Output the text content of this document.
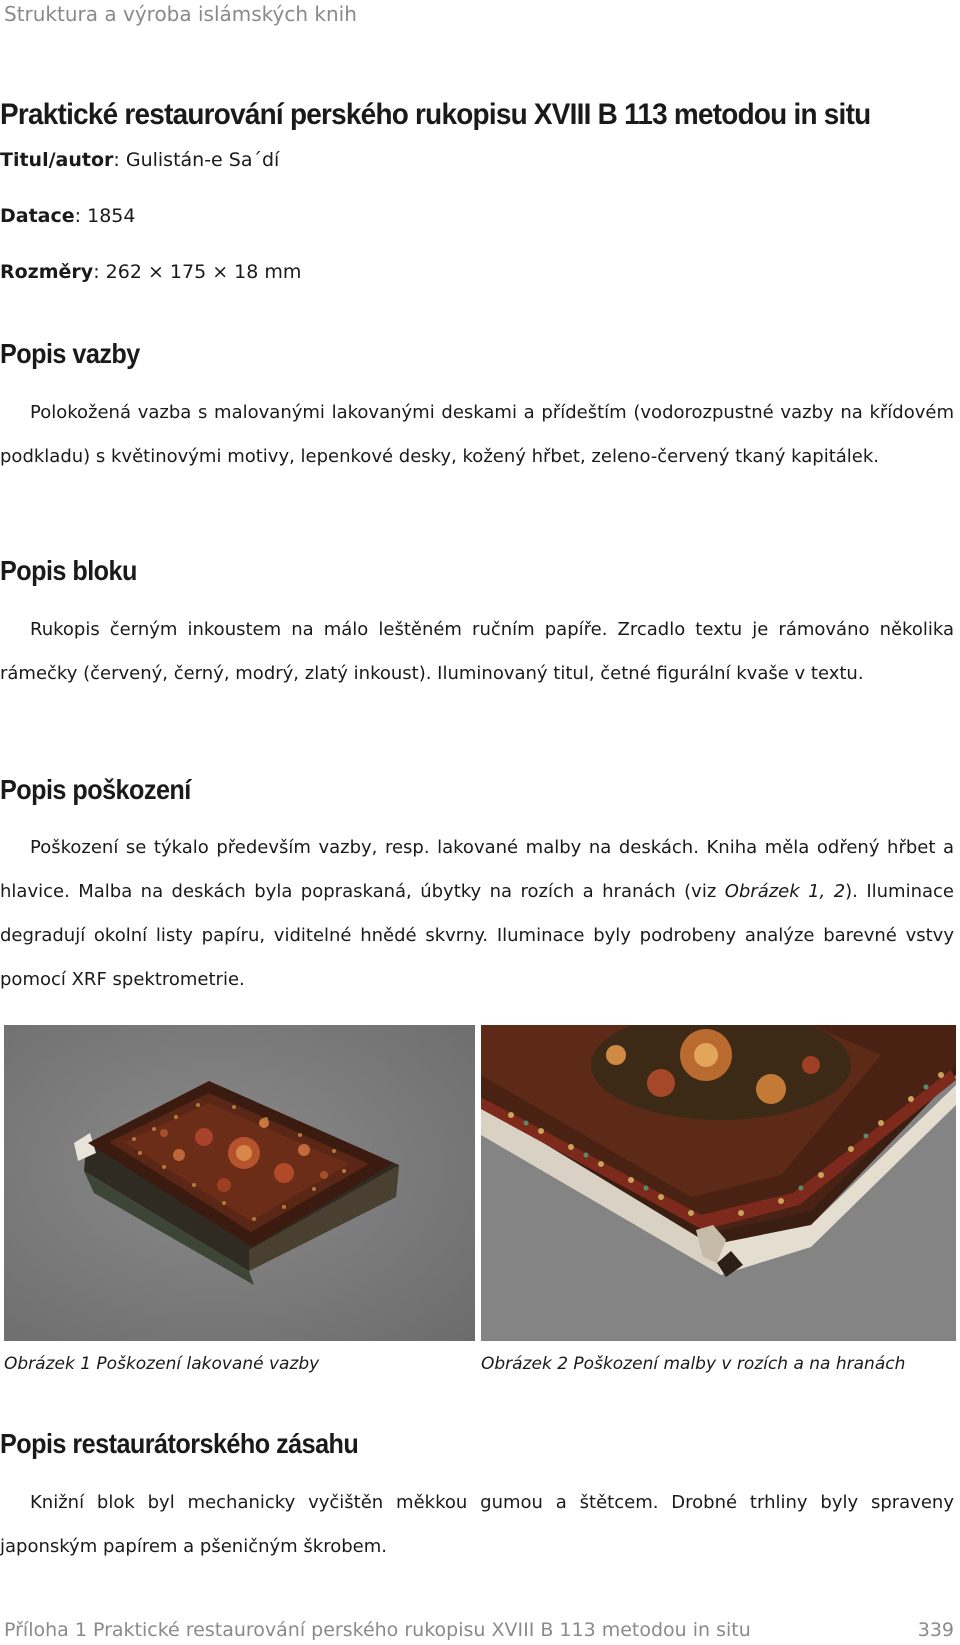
Struktura a výroba islámských knih
Praktické restaurování perského rukopisu XVIII B 113 metodou in situ
Titul/autor: Gulistán-e Sa´dí
Datace: 1854
Rozměry: 262 × 175 × 18 mm
Popis vazby

Polokožená vazba s malovanými lakovanými deskami a přídeštím (vodorozpustné vazby na křídovém podkladu) s květinovými motivy, lepenkové desky, kožený hřbet, zeleno-červený tkaný kapitálek.

Popis bloku

Rukopis černým inkoustem na málo leštěném ručním papíře. Zrcadlo textu je rámováno několika rámečky (červený, černý, modrý, zlatý inkoust). Iluminovaný titul, četné figurální kvaše v textu.

Popis poškození

Poškození se týkalo především vazby, resp. lakované malby na deskách. Kniha měla odřený hřbet a hlavice. Malba na deskách byla popraskaná, úbytky na rozích a hranách (viz Obrázek 1, 2). Iluminace degradují okolní listy papíru, viditelné hnědé skvrny. Iluminace byly podrobeny analýze barevné vstvy pomocí XRF spektrometrie.

Obrázek 1 Poškození lakované vazby	Obrázek 2 Poškození malby v rozích a na hranách
Popis restaurátorského zásahu

Knižní blok byl mechanicky vyčištěn měkkou gumou a štětcem. Drobné trhliny byly spraveny japonským papírem a pšeničným škrobem.

Příloha 1 Praktické restaurování perského rukopisu XVIII B 113 metodou in situ	339
